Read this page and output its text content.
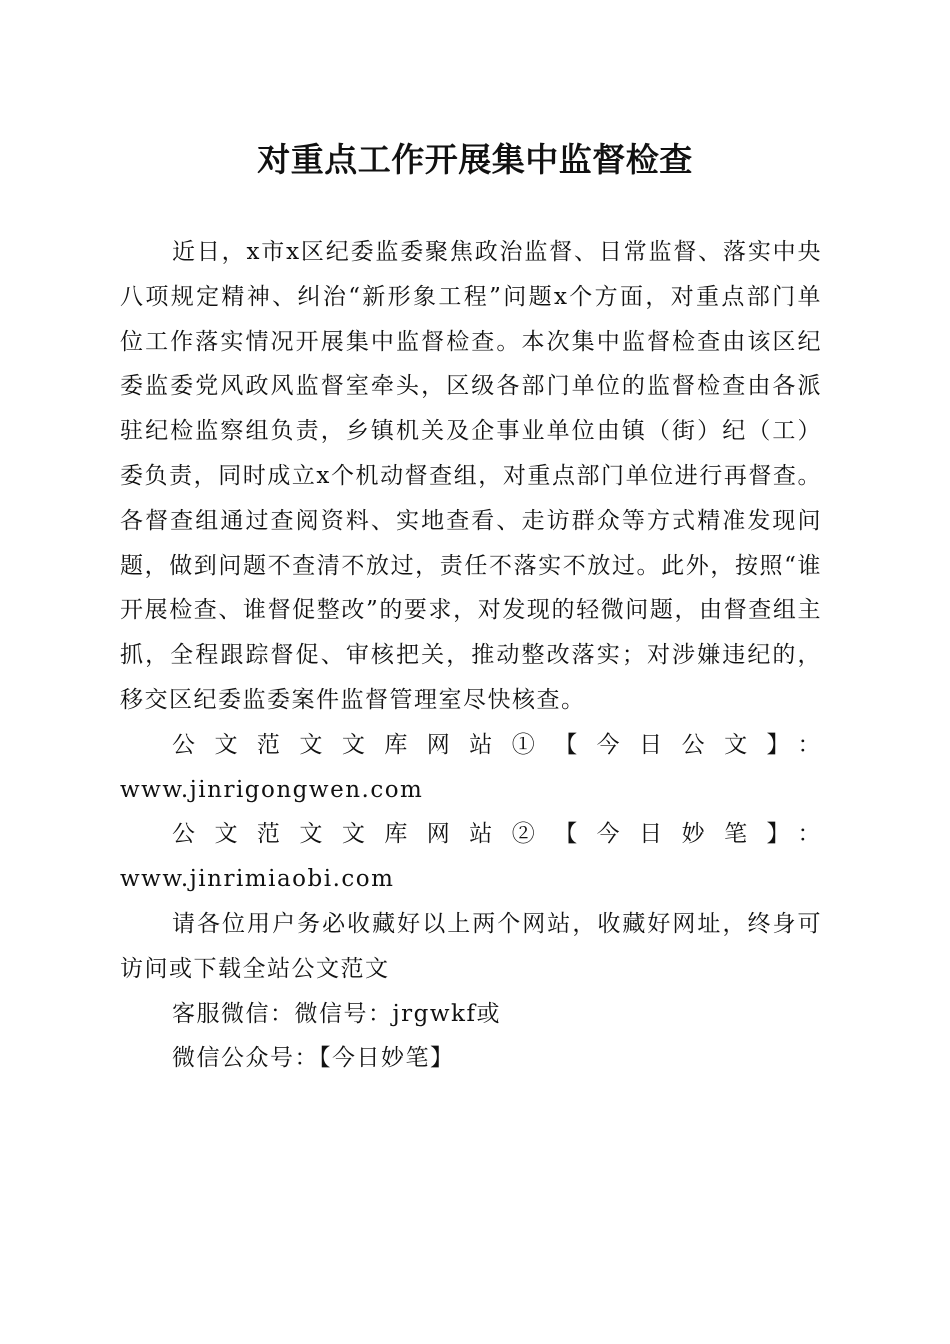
对重点工作开展集中监督检查

近日，x市x区纪委监委聚焦政治监督、日常监督、落实中央八项规定精神、纠治“新形象工程”问题x个方面，对重点部门单位工作落实情况开展集中监督检查。本次集中监督检查由该区纪委监委党风政风监督室牵头，区级各部门单位的监督检查由各派驻纪检监察组负责，乡镇机关及企事业单位由镇（街）纪（工）委负责，同时成立x个机动督查组，对重点部门单位进行再督查。各督查组通过查阅资料、实地查看、走访群众等方式精准发现问题，做到问题不查清不放过，责任不落实不放过。此外，按照“谁开展检查、谁督促整改”的要求，对发现的轻微问题，由督查组主抓，全程跟踪督促、审核把关，推动整改落实；对涉嫌违纪的，移交区纪委监委案件监督管理室尽快核查。

公文范文文库网站①【今日公文】：www.jinrigongwen.com

公文范文文库网站②【今日妙笔】：www.jinrimiaobi.com

请各位用户务必收藏好以上两个网站，收藏好网址，终身可访问或下载全站公文范文

客服微信：微信号：jrgwkf或

微信公众号：【今日妙笔】
